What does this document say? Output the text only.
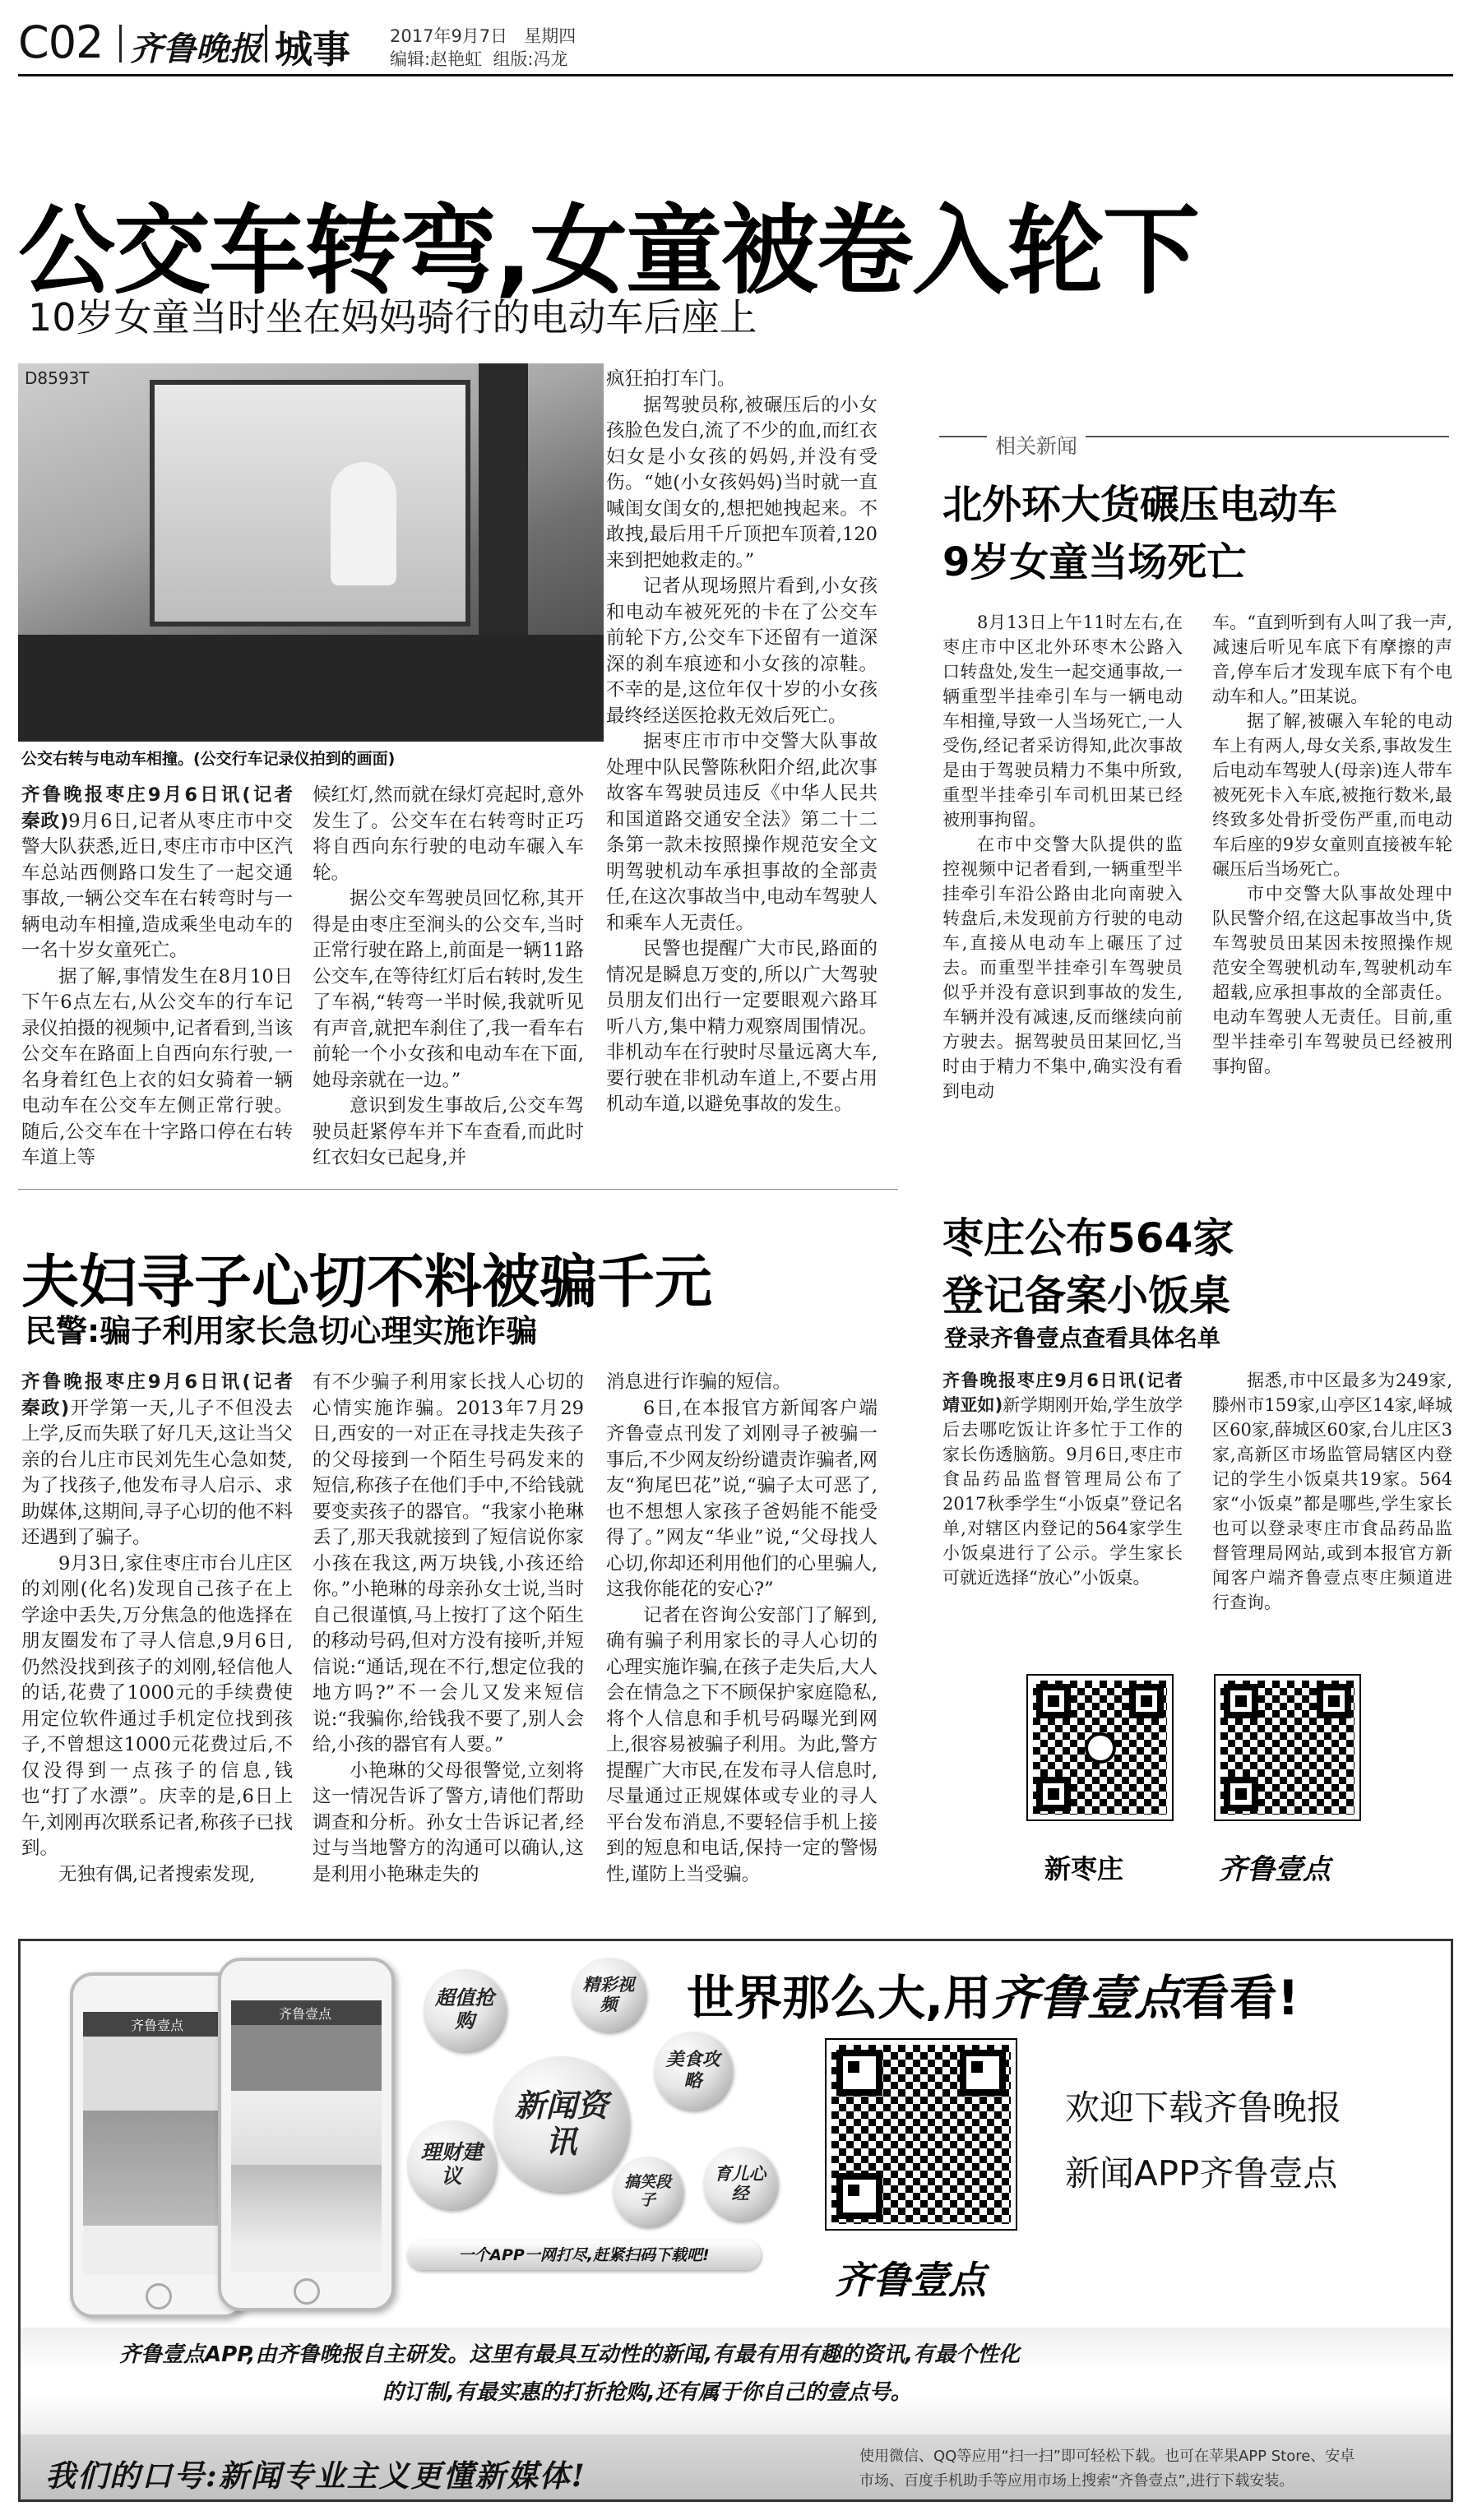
C02 齐鲁晚报 城事 2017年9月7日 星期四
编辑:赵艳虹 组版:冯龙
公交车转弯,女童被卷入轮下
10岁女童当时坐在妈妈骑行的电动车后座上
D8593T
公交右转与电动车相撞。(公交行车记录仪拍到的画面)

齐鲁晚报枣庄9月6日讯(记者　秦政)9月6日,记者从枣庄市中交警大队获悉,近日,枣庄市市中区汽车总站西侧路口发生了一起交通事故,一辆公交车在右转弯时与一辆电动车相撞,造成乘坐电动车的一名十岁女童死亡。

据了解,事情发生在8月10日下午6点左右,从公交车的行车记录仪拍摄的视频中,记者看到,当该公交车在路面上自西向东行驶,一名身着红色上衣的妇女骑着一辆电动车在公交车左侧正常行驶。随后,公交车在十字路口停在右转车道上等

候红灯,然而就在绿灯亮起时,意外发生了。公交车在右转弯时正巧将自西向东行驶的电动车碾入车轮。

据公交车驾驶员回忆称,其开得是由枣庄至涧头的公交车,当时正常行驶在路上,前面是一辆11路公交车,在等待红灯后右转时,发生了车祸,“转弯一半时候,我就听见有声音,就把车刹住了,我一看车右前轮一个小女孩和电动车在下面,她母亲就在一边。”

意识到发生事故后,公交车驾驶员赶紧停车并下车查看,而此时红衣妇女已起身,并

疯狂拍打车门。

据驾驶员称,被碾压后的小女孩脸色发白,流了不少的血,而红衣妇女是小女孩的妈妈,并没有受伤。“她(小女孩妈妈)当时就一直喊闺女闺女的,想把她拽起来。不敢拽,最后用千斤顶把车顶着,120来到把她救走的。”

记者从现场照片看到,小女孩和电动车被死死的卡在了公交车前轮下方,公交车下还留有一道深深的刹车痕迹和小女孩的凉鞋。不幸的是,这位年仅十岁的小女孩最终经送医抢救无效后死亡。

据枣庄市市中交警大队事故处理中队民警陈秋阳介绍,此次事故客车驾驶员违反《中华人民共和国道路交通安全法》第二十二条第一款未按照操作规范安全文明驾驶机动车承担事故的全部责任,在这次事故当中,电动车驾驶人和乘车人无责任。

民警也提醒广大市民,路面的情况是瞬息万变的,所以广大驾驶员朋友们出行一定要眼观六路耳听八方,集中精力观察周围情况。非机动车在行驶时尽量远离大车,要行驶在非机动车道上,不要占用机动车道,以避免事故的发生。

相关新闻
北外环大货碾压电动车
9岁女童当场死亡

8月13日上午11时左右,在枣庄市中区北外环枣木公路入口转盘处,发生一起交通事故,一辆重型半挂牵引车与一辆电动车相撞,导致一人当场死亡,一人受伤,经记者采访得知,此次事故是由于驾驶员精力不集中所致,重型半挂牵引车司机田某已经被刑事拘留。

在市中交警大队提供的监控视频中记者看到,一辆重型半挂牵引车沿公路由北向南驶入转盘后,未发现前方行驶的电动车,直接从电动车上碾压了过去。而重型半挂牵引车驾驶员似乎并没有意识到事故的发生,车辆并没有减速,反而继续向前方驶去。据驾驶员田某回忆,当时由于精力不集中,确实没有看到电动

车。“直到听到有人叫了我一声,减速后听见车底下有摩擦的声音,停车后才发现车底下有个电动车和人。”田某说。

据了解,被碾入车轮的电动车上有两人,母女关系,事故发生后电动车驾驶人(母亲)连人带车被死死卡入车底,被拖行数米,最终致多处骨折受伤严重,而电动车后座的9岁女童则直接被车轮碾压后当场死亡。

市中交警大队事故处理中队民警介绍,在这起事故当中,货车驾驶员田某因未按照操作规范安全驾驶机动车,驾驶机动车超载,应承担事故的全部责任。电动车驾驶人无责任。目前,重型半挂牵引车驾驶员已经被刑事拘留。

夫妇寻子心切不料被骗千元
民警:骗子利用家长急切心理实施诈骗

齐鲁晚报枣庄9月6日讯(记者　秦政)开学第一天,儿子不但没去上学,反而失联了好几天,这让当父亲的台儿庄市民刘先生心急如焚,为了找孩子,他发布寻人启示、求助媒体,这期间,寻子心切的他不料还遇到了骗子。

9月3日,家住枣庄市台儿庄区的刘刚(化名)发现自己孩子在上学途中丢失,万分焦急的他选择在朋友圈发布了寻人信息,9月6日,仍然没找到孩子的刘刚,轻信他人的话,花费了1000元的手续费使用定位软件通过手机定位找到孩子,不曾想这1000元花费过后,不仅没得到一点孩子的信息,钱也“打了水漂”。庆幸的是,6日上午,刘刚再次联系记者,称孩子已找到。

无独有偶,记者搜索发现,

有不少骗子利用家长找人心切的心情实施诈骗。2013年7月29日,西安的一对正在寻找走失孩子的父母接到一个陌生号码发来的短信,称孩子在他们手中,不给钱就要变卖孩子的器官。“我家小艳琳丢了,那天我就接到了短信说你家小孩在我这,两万块钱,小孩还给你。”小艳琳的母亲孙女士说,当时自己很谨慎,马上按打了这个陌生的移动号码,但对方没有接听,并短信说:“通话,现在不行,想定位我的地方吗?”不一会儿又发来短信说:“我骗你,给钱我不要了,别人会给,小孩的器官有人要。”

小艳琳的父母很警觉,立刻将这一情况告诉了警方,请他们帮助调查和分析。孙女士告诉记者,经过与当地警方的沟通可以确认,这是利用小艳琳走失的

消息进行诈骗的短信。

6日,在本报官方新闻客户端齐鲁壹点刊发了刘刚寻子被骗一事后,不少网友纷纷谴责诈骗者,网友“狗尾巴花”说,“骗子太可恶了,也不想想人家孩子爸妈能不能受得了。”网友“华业”说,“父母找人心切,你却还利用他们的心里骗人,这我你能花的安心?”

记者在咨询公安部门了解到,确有骗子利用家长的寻人心切的心理实施诈骗,在孩子走失后,大人会在情急之下不顾保护家庭隐私,将个人信息和手机号码曝光到网上,很容易被骗子利用。为此,警方提醒广大市民,在发布寻人信息时,尽量通过正规媒体或专业的寻人平台发布消息,不要轻信手机上接到的短息和电话,保持一定的警惕性,谨防上当受骗。

枣庄公布564家
登记备案小饭桌
登录齐鲁壹点查看具体名单

齐鲁晚报枣庄9月6日讯(记者　靖亚如)新学期刚开始,学生放学后去哪吃饭让许多忙于工作的家长伤透脑筋。9月6日,枣庄市食品药品监督管理局公布了2017秋季学生“小饭桌”登记名单,对辖区内登记的564家学生小饭桌进行了公示。学生家长可就近选择“放心”小饭桌。

据悉,市中区最多为249家,滕州市159家,山亭区14家,峄城区60家,薛城区60家,台儿庄区3家,高新区市场监管局辖区内登记的学生小饭桌共19家。564家“小饭桌”都是哪些,学生家长也可以登录枣庄市食品药品监督管理局网站,或到本报官方新闻客户端齐鲁壹点枣庄频道进行查询。

新枣庄	齐鲁壹点
齐鲁壹点
齐鲁壹点
超值抢购
精彩视频
新闻资讯
美食攻略
理财建议	搞笑段子
育儿心经
一个APP一网打尽,赶紧扫码下载吧!
世界那么大,用齐鲁壹点看看!
齐鲁壹点
欢迎下载齐鲁晚报
新闻APP齐鲁壹点
齐鲁壹点APP,由齐鲁晚报自主研发。这里有最具互动性的新闻,有最有用有趣的资讯,有最个性化
的订制,有最实惠的打折抢购,还有属于你自己的壹点号。
我们的口号:新闻专业主义更懂新媒体!
使用微信、QQ等应用“扫一扫”即可轻松下载。也可在苹果APP Store、安卓
市场、百度手机助手等应用市场上搜索“齐鲁壹点”,进行下载安装。
